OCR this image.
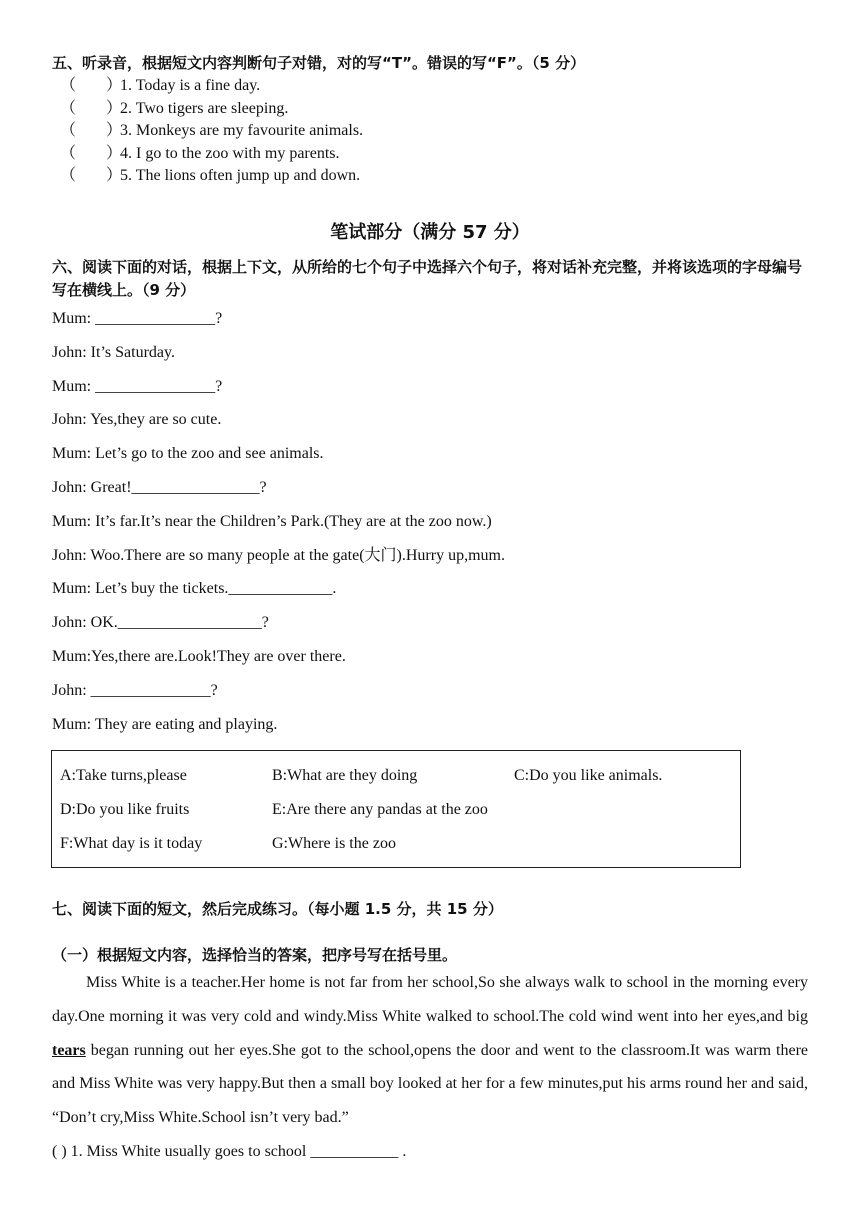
五、听录音，根据短文内容判断句子对错，对的写“T”。错误的写“F”。（5 分）
（ ）
1. Today is a fine day.
（ ）
2. Two tigers are sleeping.
（ ）
3. Monkeys are my favourite animals.
（ ）
4. I go to the zoo with my parents.
（ ）
5. The lions often jump up and down.
笔试部分（满分 57 分）
六、阅读下面的对话，根据上下文，从所给的七个句子中选择六个句子，将对话补充完整，并将该选项的字母编号写在横线上。（9 分）
Mum: _______________?
John: It’s Saturday.
Mum: _______________?
John: Yes,they are so cute.
Mum: Let’s go to the zoo and see animals.
John: Great!________________?
Mum: It’s far.It’s near the Children’s Park.(They are at the zoo now.)
John: Woo.There are so many people at the gate(大门).Hurry up,mum.
Mum: Let’s buy the tickets._____________.
John: OK.__________________?
Mum:Yes,there are.Look!They are over there.
John: _______________?
Mum: They are eating and playing.
A:Take turns,please	B:What are they doing	C:Do you like animals.
D:Do you like fruits	E:Are there any pandas at the zoo
F:What day is it today	G:Where is the zoo
七、阅读下面的短文，然后完成练习。（每小题 1.5 分，共 15 分）
（一）根据短文内容，选择恰当的答案，把序号写在括号里。
Miss White is a teacher.Her home is not far from her school,So she always walk to school in the morning every day.One morning it was very cold and windy.Miss White walked to school.The cold wind went into her eyes,and big tears began running out her eyes.She got to the school,opens the door and went to the classroom.It was warm there and Miss White was very happy.But then a small boy looked at her for a few minutes,put his arms round her and said, “Don’t cry,Miss White.School isn’t very bad.”
( ) 1. Miss White usually goes to school ___________ .
